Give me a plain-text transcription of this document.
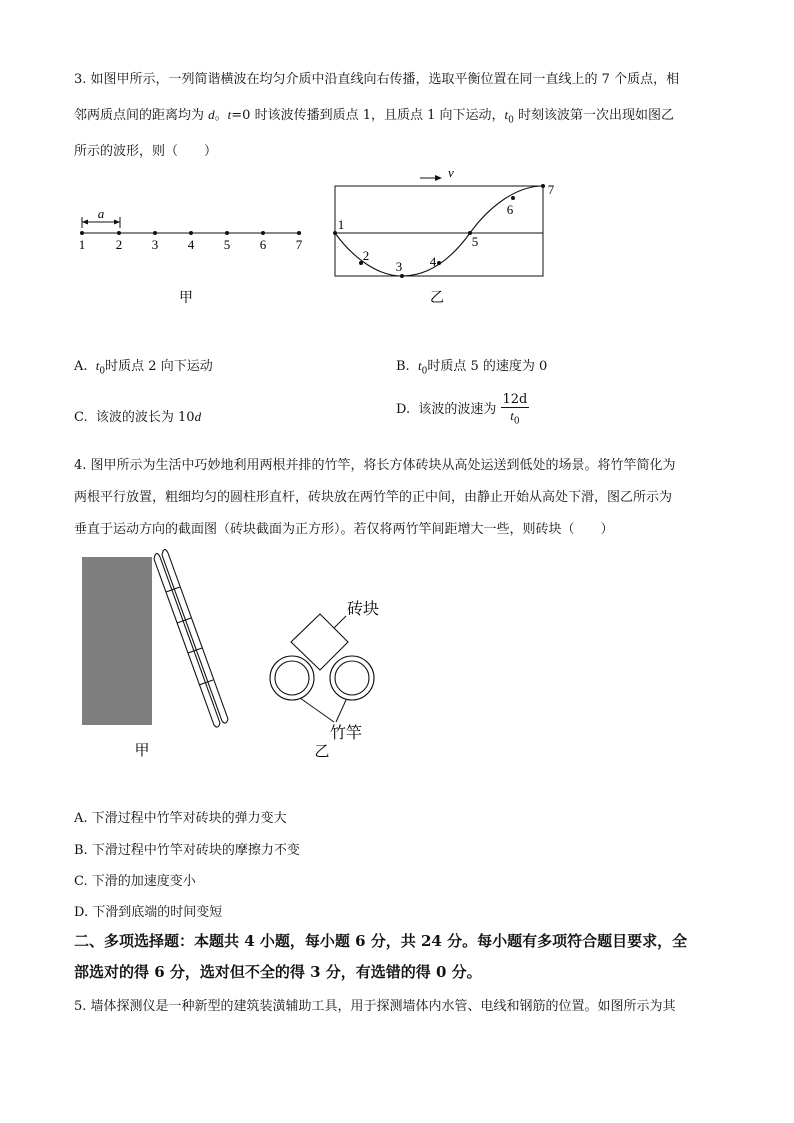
3. 如图甲所示，一列简谐横波在均匀介质中沿直线向右传播，选取平衡位置在同一直线上的 7 个质点，相
邻两质点间的距离均为 d。t=0 时该波传播到质点 1，且质点 1 向下运动，$t_0$ 时刻该波第一次出现如图乙
所示的波形，则（　　）
a
1 2 3 4 5 6 7
甲
v
1
2
3 4
5
6
7
乙
A. $t_0$时质点 2 向下运动	B. $t_0$时质点 5 的速度为 0
C. 该波的波长为 10d	D. 该波的波速为 $\frac{12d}{t_0}$
4. 图甲所示为生活中巧妙地利用两根并排的竹竿，将长方体砖块从高处运送到低处的场景。将竹竿简化为
两根平行放置，粗细均匀的圆柱形直杆，砖块放在两竹竿的正中间，由静止开始从高处下滑，图乙所示为
垂直于运动方向的截面图（砖块截面为正方形）。若仅将两竹竿间距增大一些，则砖块（　　）
甲
砖块
竹竿
乙
A. 下滑过程中竹竿对砖块的弹力变大
B. 下滑过程中竹竿对砖块的摩擦力不变
C. 下滑的加速度变小
D. 下滑到底端的时间变短
二、多项选择题：本题共 4 小题，每小题 6 分，共 24 分。每小题有多项符合题目要求，全
部选对的得 6 分，选对但不全的得 3 分，有选错的得 0 分。
5. 墙体探测仪是一种新型的建筑装潢辅助工具，用于探测墙体内水管、电线和钢筋的位置。如图所示为其
